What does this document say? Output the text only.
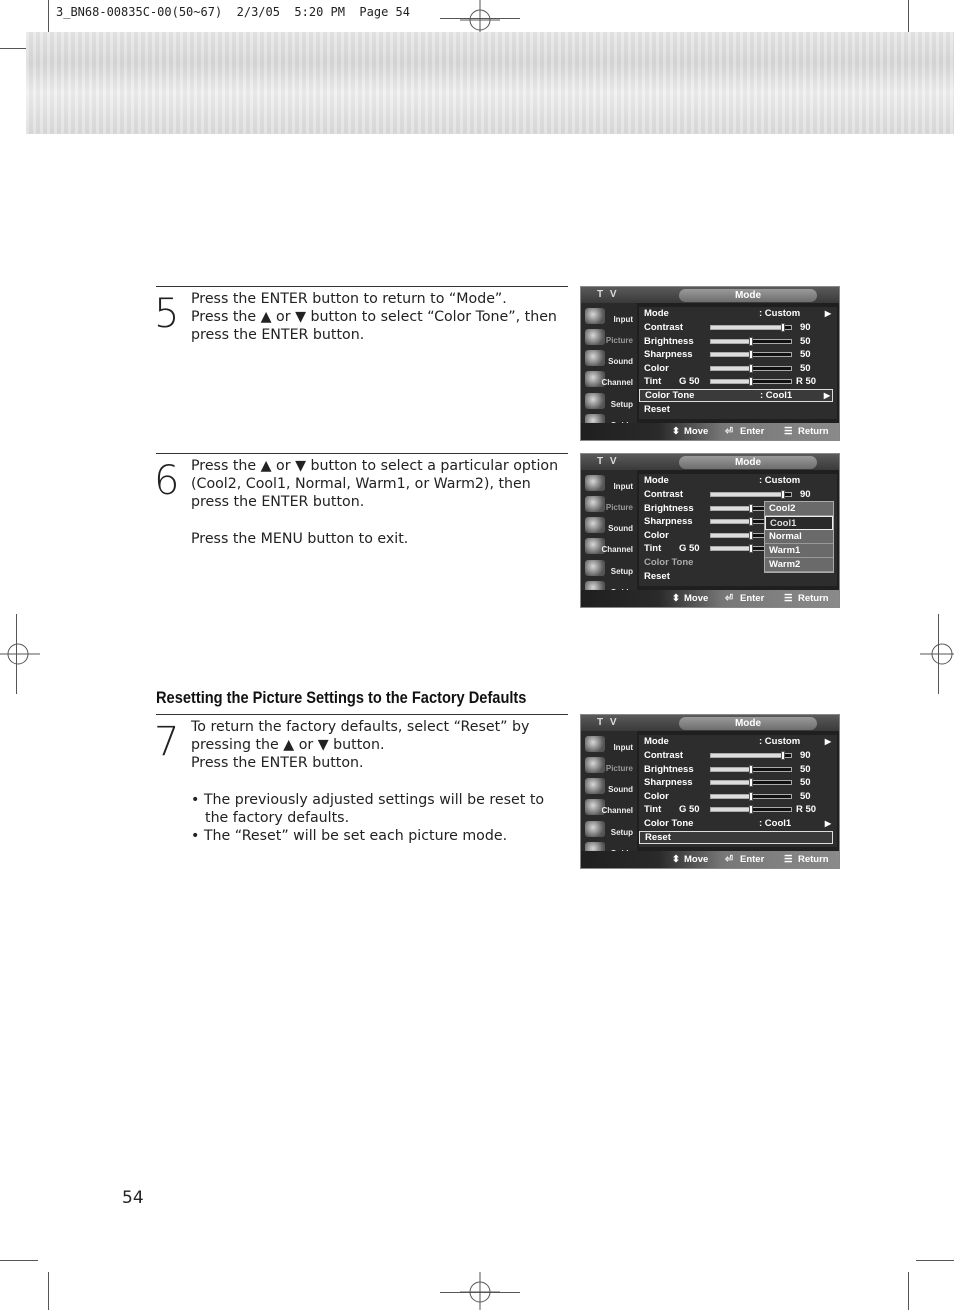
3_BN68-00835C-00(50~67)  2/3/05  5:20 PM  Page 54
5 Press the ENTER button to return to “Mode”.

Press the ▲ or ▼ button to select “Color Tone”, then press the ENTER button.

6 Press the ▲ or ▼ button to select a particular option (Cool2, Cool1, Normal, Warm1, or Warm2), then press the ENTER button.

Press the MENU button to exit.

Resetting the Picture Settings to the Factory Defaults
7 To return the factory defaults, select “Reset” by pressing the ▲ or ▼ button.

Press the ENTER button.

• The previously adjusted settings will be reset to the factory defaults.

• The “Reset” will be set each picture mode.

T V	Mode
Input
Picture
Sound
Channel
Setup
Mode	: Custom	▶
Contrast	90
Brightness	50
Sharpness	50
Color	50
Tint G 50	R 50
Color Tone	: Cool1	▶
Reset
⬍ Move ⏎ Enter ☰ Return
T V	Mode
Input
Picture
Sound
Channel
Setup
Mode	: Custom
Contrast	90
Brightness
Sharpness
Color
Tint G 50
Color Tone
Reset
Cool2
Cool1
Normal
Warm1
Warm2
⬍ Move ⏎ Enter ☰ Return
T V	Mode
Input
Picture
Sound
Channel
Setup
Mode	: Custom	▶
Contrast	90
Brightness	50
Sharpness	50
Color	50
Tint G 50	R 50
Color Tone	: Cool1	▶
Reset
⬍ Move ⏎ Enter ☰ Return
54
